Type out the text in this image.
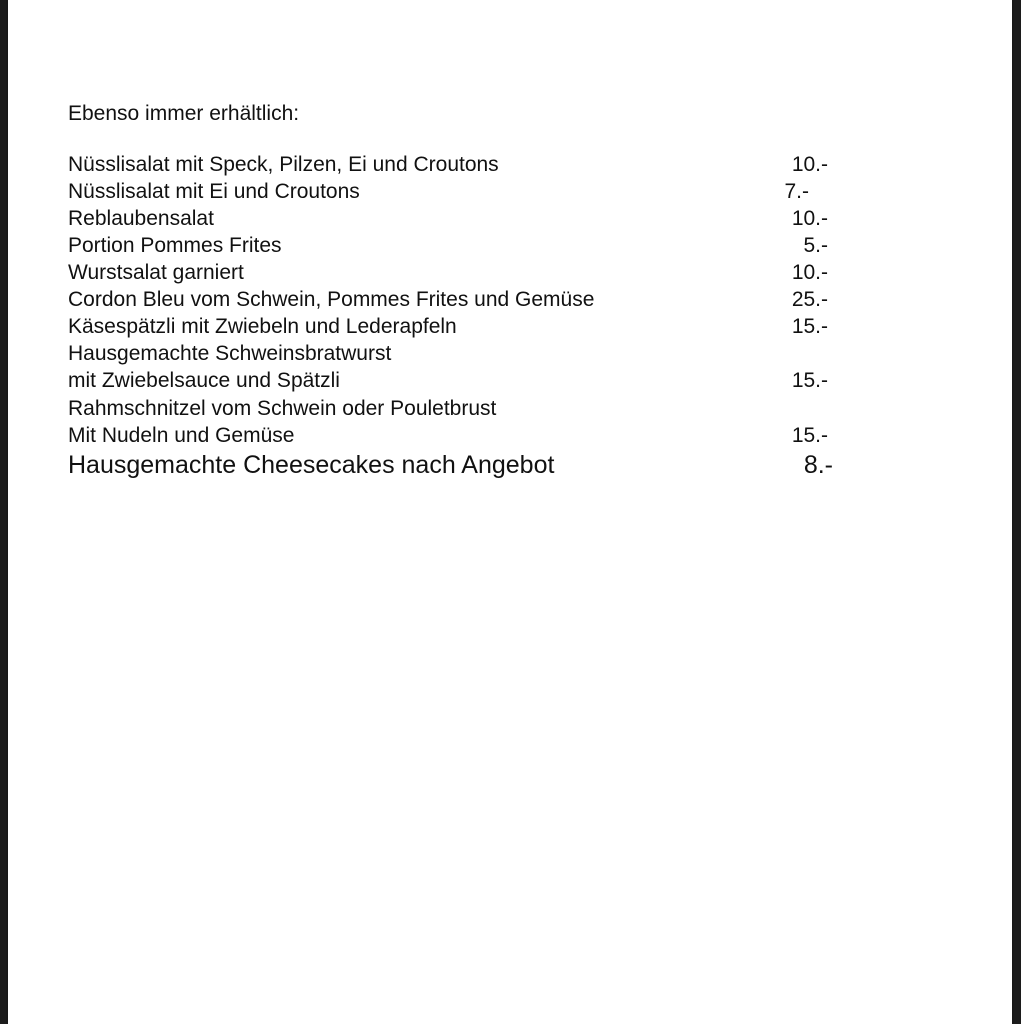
Ebenso immer erhältlich:
Nüsslisalat mit Speck, Pilzen, Ei und Croutons	10.-
Nüsslisalat mit Ei und Croutons	7.-
Reblaubensalat	10.-
Portion Pommes Frites	5.-
Wurstsalat garniert	10.-
Cordon Bleu vom Schwein, Pommes Frites und Gemüse	25.-
Käsespätzli mit Zwiebeln und Lederapfeln	15.-
Hausgemachte Schweinsbratwurst
mit Zwiebelsauce und Spätzli	15.-
Rahmschnitzel vom Schwein oder Pouletbrust
Mit Nudeln und Gemüse	15.-
Hausgemachte Cheesecakes nach Angebot	8.-
